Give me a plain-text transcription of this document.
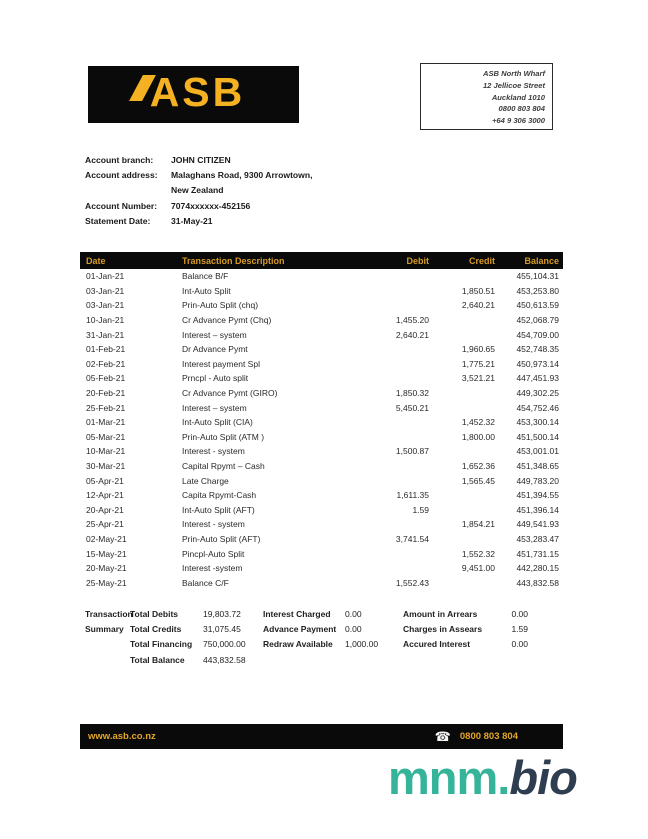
ASB	ASB North Wharf
12 Jellicoe Street
Auckland 1010
0800 803 804
+64 9 306 3000
Account branch:	JOHN CITIZEN
Account address:	Malaghans Road, 9300 Arrowtown,
New Zealand
Account Number:	7074xxxxxx-452156
Statement Date:	31-May-21
Date	Transaction Description	Debit	Credit	Balance
01-Jan-21	Balance B/F			455,104.31
03-Jan-21	Int-Auto Split		1,850.51	453,253.80
03-Jan-21	Prin-Auto Split (chq)		2,640.21	450,613.59
10-Jan-21	Cr Advance Pymt (Chq)	1,455.20		452,068.79
31-Jan-21	Interest – system	2,640.21		454,709.00
01-Feb-21	Dr Advance Pymt		1,960.65	452,748.35
02-Feb-21	Interest payment Spl		1,775.21	450,973.14
05-Feb-21	Prncpl - Auto split		3,521.21	447,451.93
20-Feb-21	Cr Advance Pymt (GIRO)	1,850.32		449,302.25
25-Feb-21	Interest – system	5,450.21		454,752.46
01-Mar-21	Int-Auto Split (CIA)		1,452.32	453,300.14
05-Mar-21	Prin-Auto Split (ATM )		1,800.00	451,500.14
10-Mar-21	Interest - system	1,500.87		453,001.01
30-Mar-21	Capital Rpymt – Cash		1,652.36	451,348.65
05-Apr-21	Late Charge		1,565.45	449,783.20
12-Apr-21	Capita Rpymt-Cash	1,611.35		451,394.55
20-Apr-21	Int-Auto Split (AFT)	1.59		451,396.14
25-Apr-21	Interest - system		1,854.21	449,541.93
02-May-21	Prin-Auto Split (AFT)	3,741.54		453,283.47
15-May-21	Pincpl-Auto Split		1,552.32	451,731.15
20-May-21	Interest -system		9,451.00	442,280.15
25-May-21	Balance C/F	1,552.43		443,832.58
Transaction
Total Debits	19,803.72	Interest Charged 0.00	Amount in Arrears	0.00
Summary Total Credits	31,075.45	Advance Payment 0.00	Charges in Assears	1.59
Total Financing 750,000.00 Redraw Available 1,000.00	Accured Interest	0.00
Total Balance 443,832.58
www.asb.co.nz	☎ 0800 803 804
mnm.bio
